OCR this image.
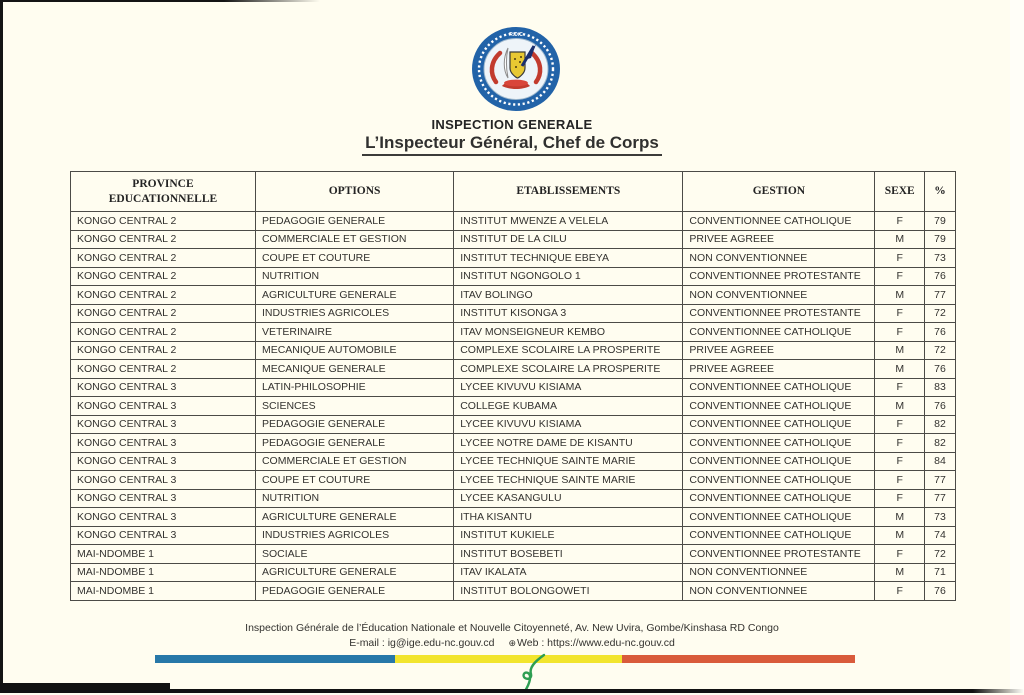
R.D.C
INSPECTION GENERALE
L’Inspecteur Général, Chef de Corps
PROVINCE EDUCATIONNELLE	OPTIONS	ETABLISSEMENTS	GESTION	SEXE	%
KONGO CENTRAL 2	PEDAGOGIE GENERALE	INSTITUT MWENZE A VELELA	CONVENTIONNEE CATHOLIQUE	F	79
KONGO CENTRAL 2	COMMERCIALE ET GESTION	INSTITUT DE LA CILU	PRIVEE AGREEE	M	79
KONGO CENTRAL 2	COUPE ET COUTURE	INSTITUT TECHNIQUE EBEYA	NON CONVENTIONNEE	F	73
KONGO CENTRAL 2	NUTRITION	INSTITUT NGONGOLO 1	CONVENTIONNEE PROTESTANTE	F	76
KONGO CENTRAL 2	AGRICULTURE GENERALE	ITAV BOLINGO	NON CONVENTIONNEE	M	77
KONGO CENTRAL 2	INDUSTRIES AGRICOLES	INSTITUT KISONGA 3	CONVENTIONNEE PROTESTANTE	F	72
KONGO CENTRAL 2	VETERINAIRE	ITAV MONSEIGNEUR KEMBO	CONVENTIONNEE CATHOLIQUE	F	76
KONGO CENTRAL 2	MECANIQUE AUTOMOBILE	COMPLEXE SCOLAIRE LA PROSPERITE	PRIVEE AGREEE	M	72
KONGO CENTRAL 2	MECANIQUE GENERALE	COMPLEXE SCOLAIRE LA PROSPERITE	PRIVEE AGREEE	M	76
KONGO CENTRAL 3	LATIN-PHILOSOPHIE	LYCEE KIVUVU KISIAMA	CONVENTIONNEE CATHOLIQUE	F	83
KONGO CENTRAL 3	SCIENCES	COLLEGE KUBAMA	CONVENTIONNEE CATHOLIQUE	M	76
KONGO CENTRAL 3	PEDAGOGIE GENERALE	LYCEE KIVUVU KISIAMA	CONVENTIONNEE CATHOLIQUE	F	82
KONGO CENTRAL 3	PEDAGOGIE GENERALE	LYCEE NOTRE DAME DE KISANTU	CONVENTIONNEE CATHOLIQUE	F	82
KONGO CENTRAL 3	COMMERCIALE ET GESTION	LYCEE TECHNIQUE SAINTE MARIE	CONVENTIONNEE CATHOLIQUE	F	84
KONGO CENTRAL 3	COUPE ET COUTURE	LYCEE TECHNIQUE SAINTE MARIE	CONVENTIONNEE CATHOLIQUE	F	77
KONGO CENTRAL 3	NUTRITION	LYCEE KASANGULU	CONVENTIONNEE CATHOLIQUE	F	77
KONGO CENTRAL 3	AGRICULTURE GENERALE	ITHA KISANTU	CONVENTIONNEE CATHOLIQUE	M	73
KONGO CENTRAL 3	INDUSTRIES AGRICOLES	INSTITUT KUKIELE	CONVENTIONNEE CATHOLIQUE	M	74
MAI-NDOMBE 1	SOCIALE	INSTITUT BOSEBETI	CONVENTIONNEE PROTESTANTE	F	72
MAI-NDOMBE 1	AGRICULTURE GENERALE	ITAV IKALATA	NON CONVENTIONNEE	M	71
MAI-NDOMBE 1	PEDAGOGIE GENERALE	INSTITUT BOLONGOWETI	NON CONVENTIONNEE	F	76
Inspection Générale de l’Éducation Nationale et Nouvelle Citoyenneté, Av. New Uvira, Gombe/Kinshasa RD Congo
E-mail : ig@ige.edu-nc.gouv.cd ⊕Web : https://www.edu-nc.gouv.cd
